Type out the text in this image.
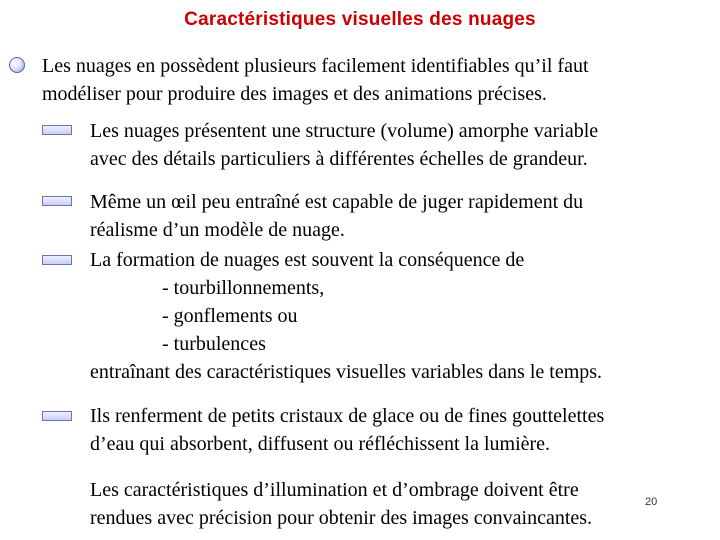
Caractéristiques visuelles des nuages
Les nuages en possèdent plusieurs facilement identifiables qu’il faut
modéliser pour produire des images et des animations précises.
Les nuages présentent une structure (volume) amorphe variable
avec des détails particuliers à différentes échelles de grandeur.
Même un œil peu entraîné est capable de juger rapidement du
réalisme d’un modèle de nuage.
La formation de nuages est souvent la conséquence de
- tourbillonnements,
- gonflements ou
- turbulences
entraînant des caractéristiques visuelles variables dans le temps.
Ils renferment de petits cristaux de glace ou de fines gouttelettes
d’eau qui absorbent, diffusent ou réfléchissent la lumière.
Les caractéristiques d’illumination et d’ombrage doivent être
rendues avec précision pour obtenir des images convaincantes.
20
